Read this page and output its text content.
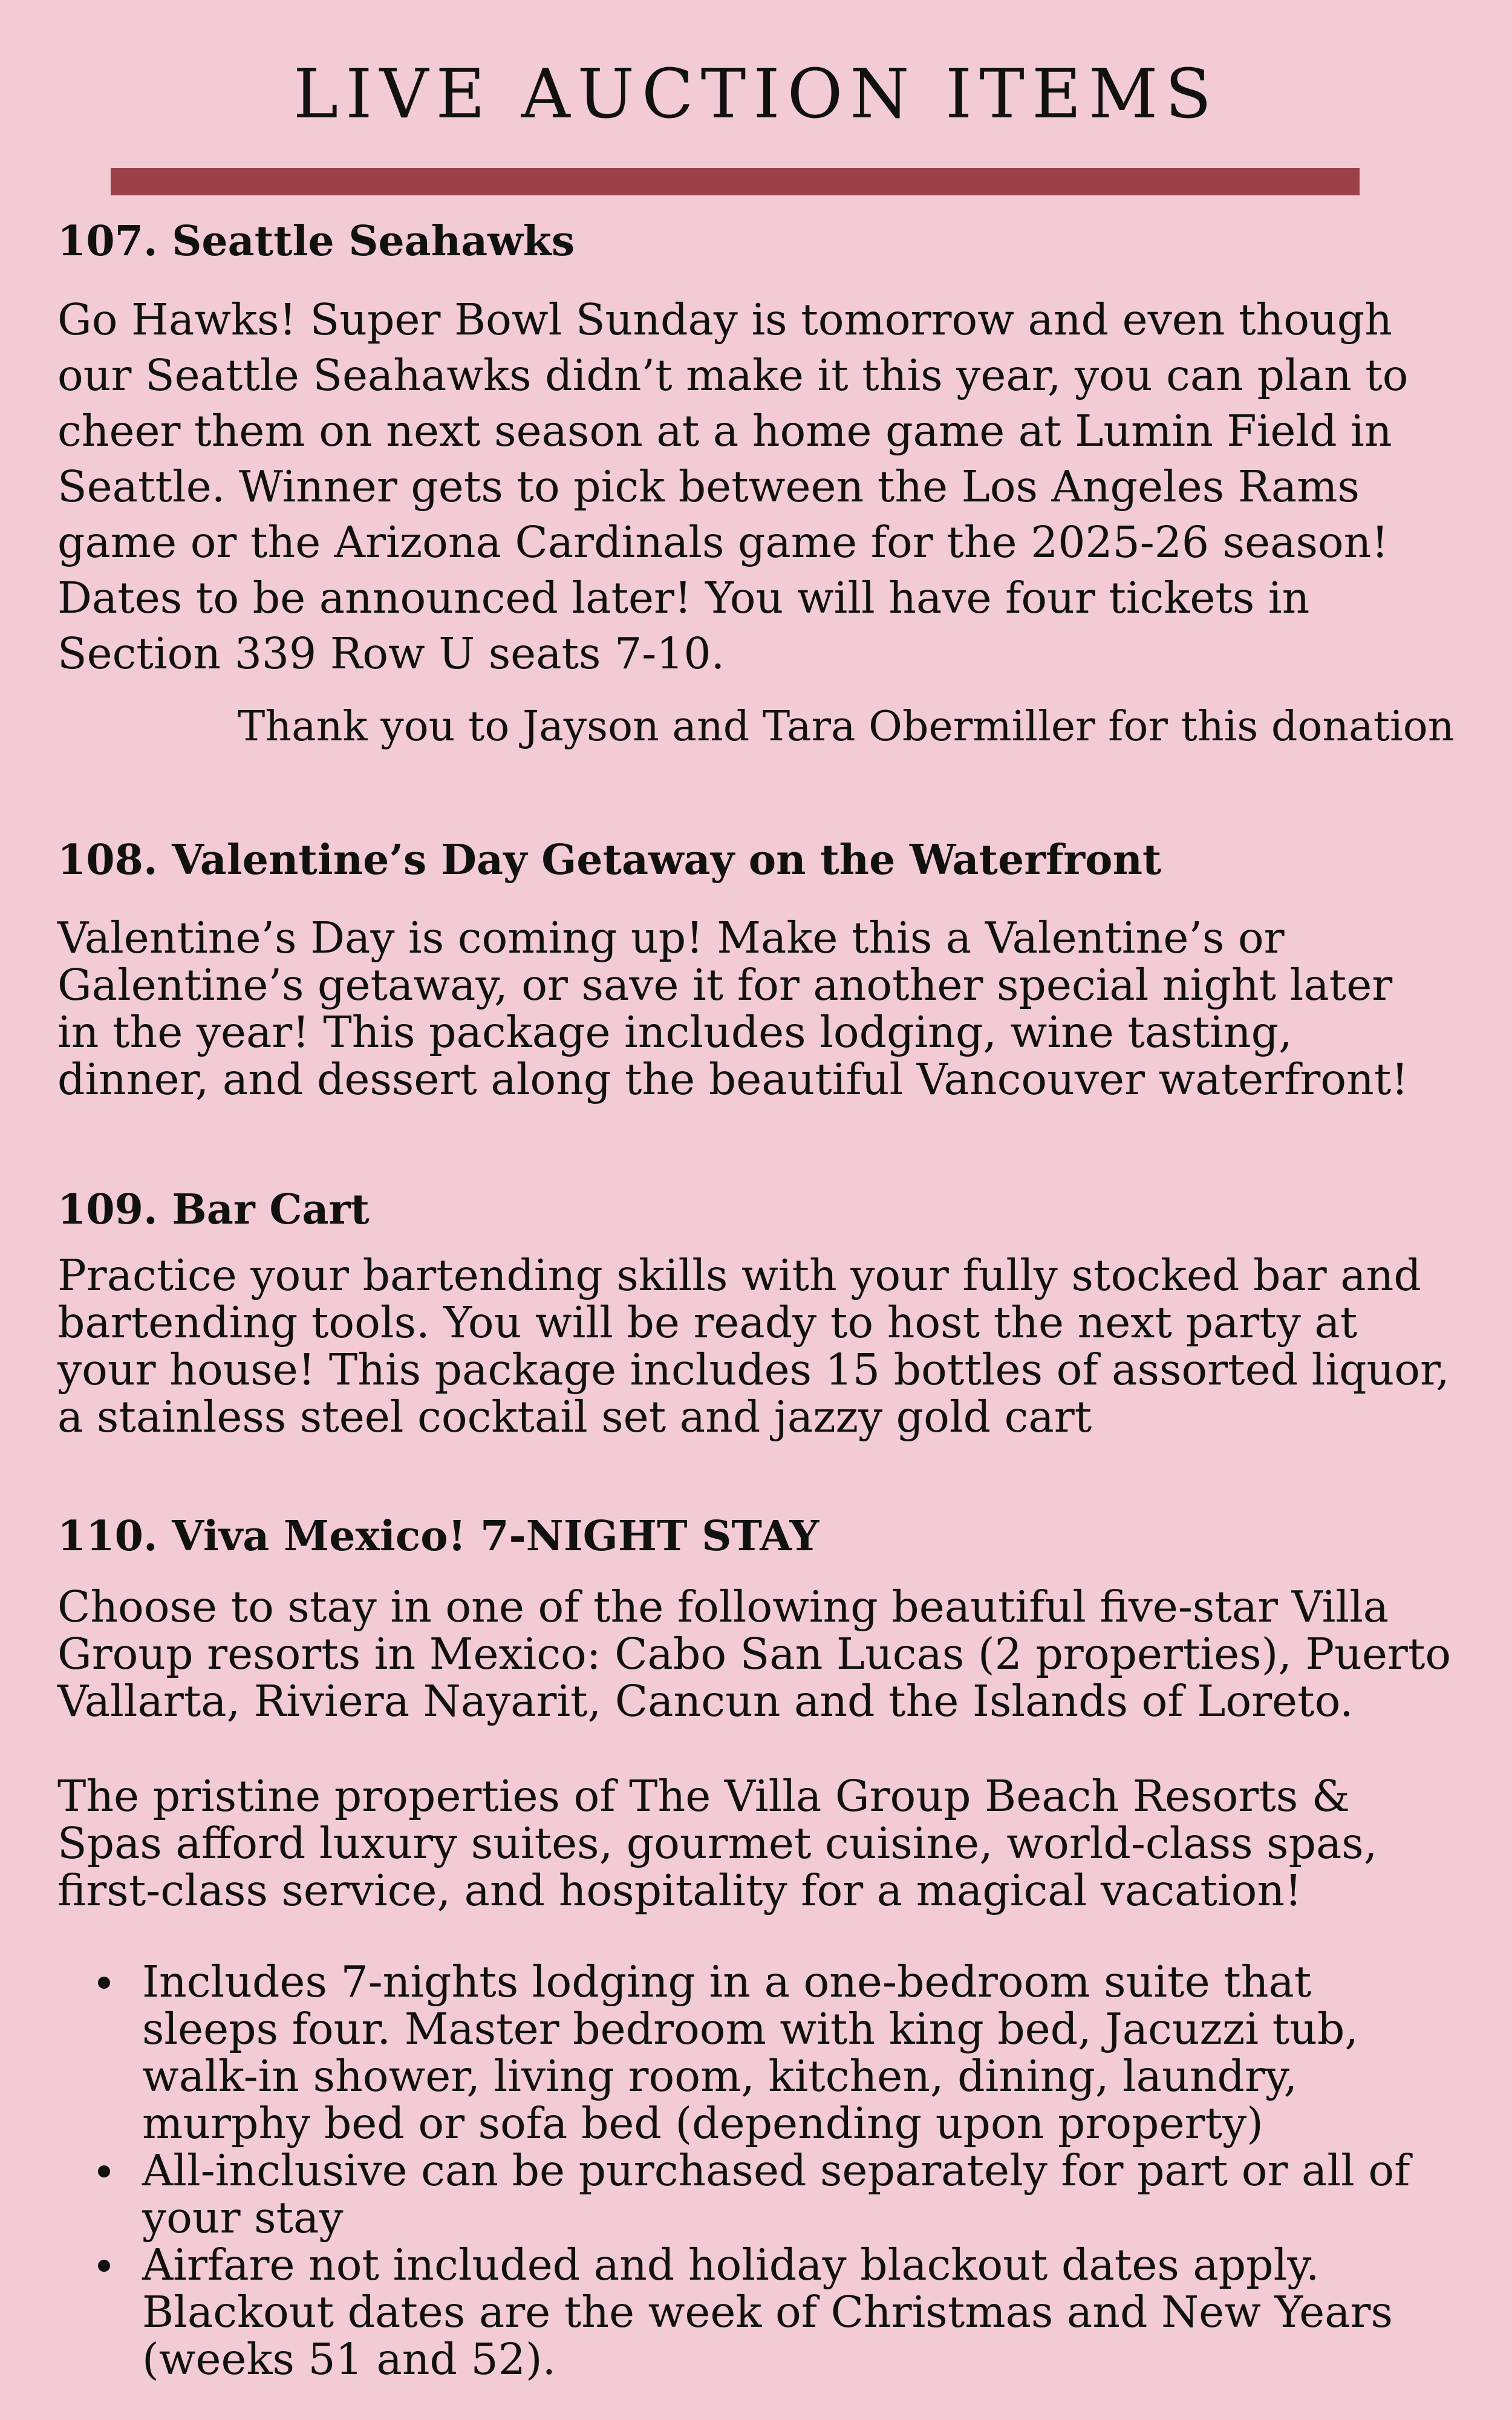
LIVE AUCTION ITEMS
107. Seattle Seahawks
Go Hawks! Super Bowl Sunday is tomorrow and even though
our Seattle Seahawks didn’t make it this year, you can plan to
cheer them on next season at a home game at Lumin Field in
Seattle. Winner gets to pick between the Los Angeles Rams
game or the Arizona Cardinals game for the 2025-26 season!
Dates to be announced later! You will have four tickets in
Section 339 Row U seats 7-10.

Thank you to Jayson and Tara Obermiller for this donation

108. Valentine’s Day Getaway on the Waterfront
Valentine’s Day is coming up! Make this a Valentine’s or
Galentine’s getaway, or save it for another special night later
in the year! This package includes lodging, wine tasting,
dinner, and dessert along the beautiful Vancouver waterfront!
109. Bar Cart
Practice your bartending skills with your fully stocked bar and
bartending tools. You will be ready to host the next party at
your house! This package includes 15 bottles of assorted liquor,
a stainless steel cocktail set and jazzy gold cart
110. Viva Mexico! 7-NIGHT STAY
Choose to stay in one of the following beautiful five-star Villa
Group resorts in Mexico: Cabo San Lucas (2 properties), Puerto
Vallarta, Riviera Nayarit, Cancun and the Islands of Loreto.
The pristine properties of The Villa Group Beach Resorts &
Spas afford luxury suites, gourmet cuisine, world-class spas,
first-class service, and hospitality for a magical vacation!
Includes 7-nights lodging in a one-bedroom suite that
sleeps four. Master bedroom with king bed, Jacuzzi tub,
walk-in shower, living room, kitchen, dining, laundry,
murphy bed or sofa bed (depending upon property)
All-inclusive can be purchased separately for part or all of
your stay
Airfare not included and holiday blackout dates apply.
Blackout dates are the week of Christmas and New Years
(weeks 51 and 52).
